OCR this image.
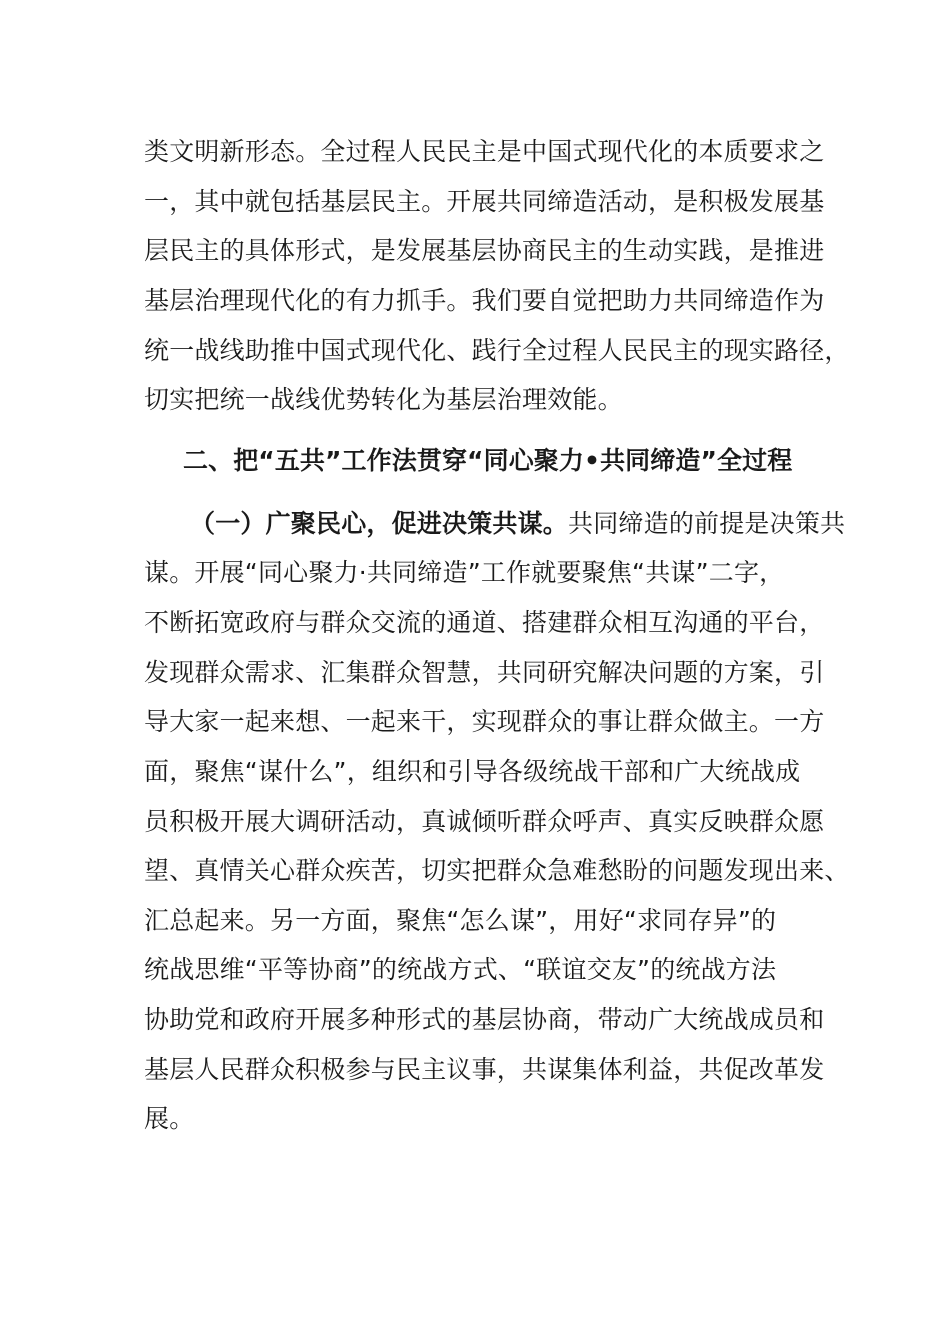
类文明新形态。全过程人民民主是中国式现代化的本质要求之
一，其中就包括基层民主。开展共同缔造活动，是积极发展基
层民主的具体形式，是发展基层协商民主的生动实践，是推进
基层治理现代化的有力抓手。我们要自觉把助力共同缔造作为
统一战线助推中国式现代化、践行全过程人民民主的现实路径，
切实把统一战线优势转化为基层治理效能。
二、把“五共”工作法贯穿“同心聚力•共同缔造”全过程
（一）广聚民心，促进决策共谋。共同缔造的前提是决策共
谋。开展“同心聚力·共同缔造”工作就要聚焦“共谋”二字，
不断拓宽政府与群众交流的通道、搭建群众相互沟通的平台，
发现群众需求、汇集群众智慧，共同研究解决问题的方案，引
导大家一起来想、一起来干，实现群众的事让群众做主。一方
面，聚焦“谋什么”，组织和引导各级统战干部和广大统战成
员积极开展大调研活动，真诚倾听群众呼声、真实反映群众愿
望、真情关心群众疾苦，切实把群众急难愁盼的问题发现出来、
汇总起来。另一方面，聚焦“怎么谋”，用好“求同存异”的
统战思维“平等协商”的统战方式、“联谊交友”的统战方法
协助党和政府开展多种形式的基层协商，带动广大统战成员和
基层人民群众积极参与民主议事，共谋集体利益，共促改革发
展。
